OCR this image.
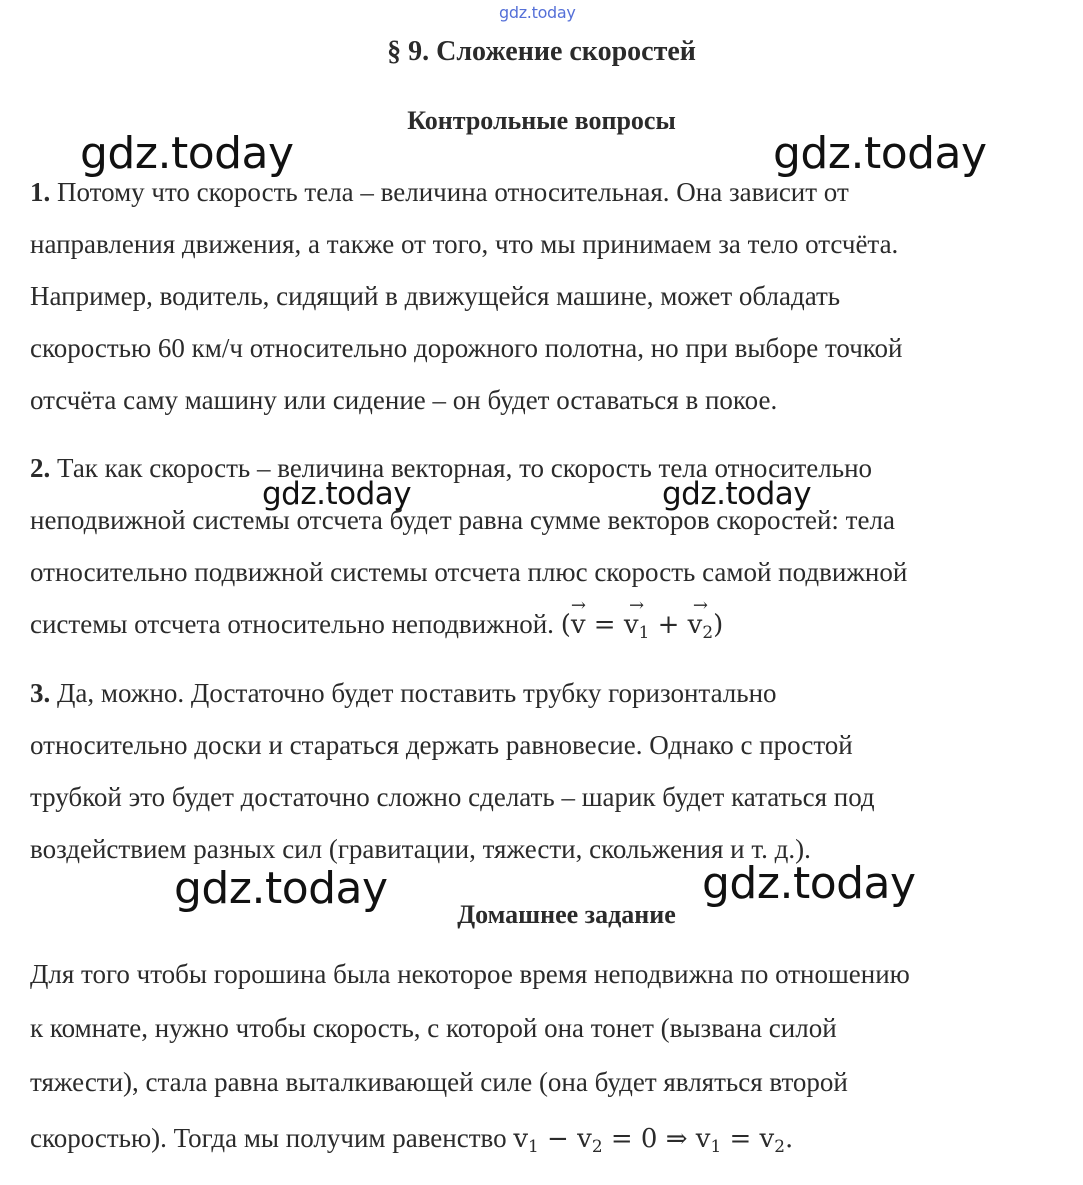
gdz.today
§ 9. Сложение скоростей
Контрольные вопросы
gdz.today	gdz.today
gdz.today	gdz.today
gdz.today	gdz.today
1. Потому что скорость тела – величина относительная. Она зависит от
направления движения, а также от того, что мы принимаем за тело отсчёта.
Например, водитель, сидящий в движущейся машине, может обладать
скоростью 60 км/ч относительно дорожного полотна, но при выборе точкой
отсчёта саму машину или сидение – он будет оставаться в покое.
2. Так как скорость – величина векторная, то скорость тела относительно
неподвижной системы отсчета будет равна сумме векторов скоростей: тела
относительно подвижной системы отсчета плюс скорость самой подвижной
системы отсчета относительно неподвижной. (→ v = → $v_1$ + → $v_2$)
3. Да, можно. Достаточно будет поставить трубку горизонтально
относительно доски и стараться держать равновесие. Однако с простой
трубкой это будет достаточно сложно сделать – шарик будет кататься под
воздействием разных сил (гравитации, тяжести, скольжения и т. д.).
Домашнее задание
Для того чтобы горошина была некоторое время неподвижна по отношению
к комнате, нужно чтобы скорость, с которой она тонет (вызвана силой
тяжести), стала равна выталкивающей силе (она будет являться второй
скоростью). Тогда мы получим равенство $v_1 - v_2 = 0$ ⇒ $v_1 = v_2$.
